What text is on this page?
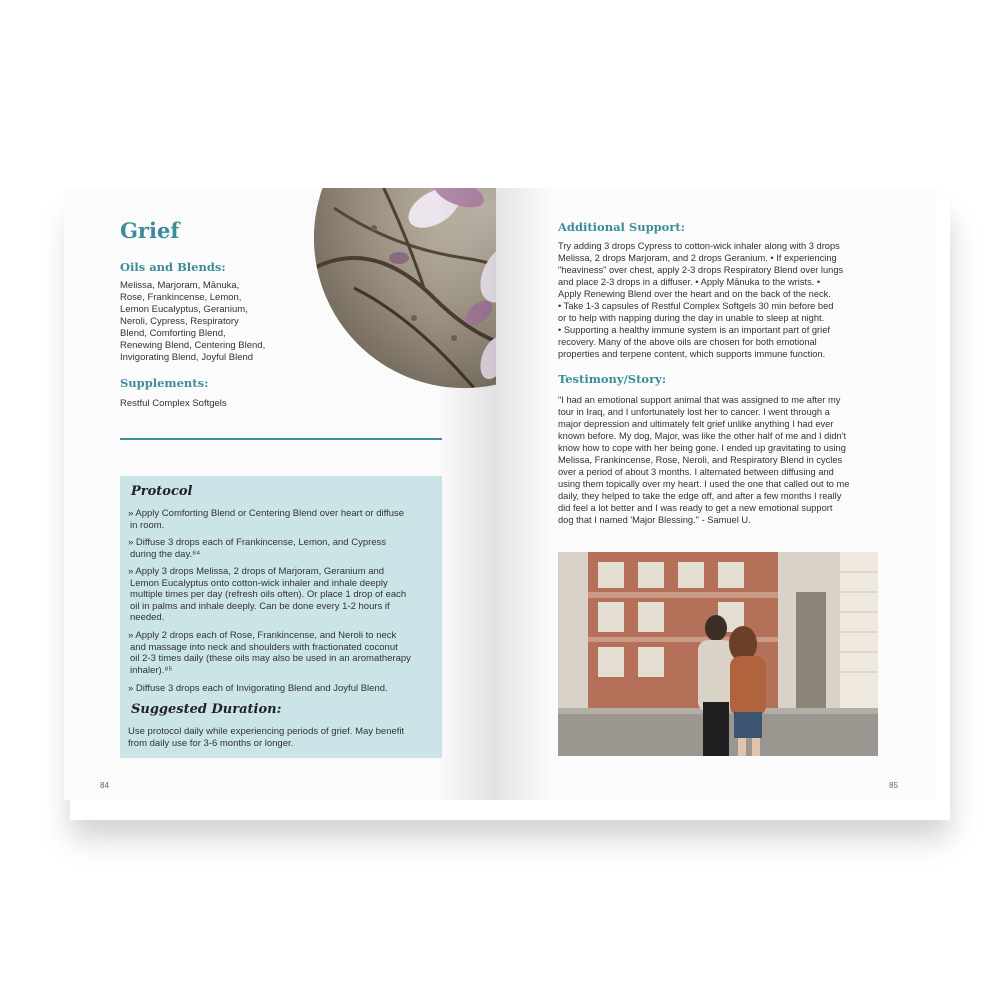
Grief
Oils and Blends:
Melissa, Marjoram, Mānuka,
Rose, Frankincense, Lemon,
Lemon Eucalyptus, Geranium,
Neroli, Cypress, Respiratory
Blend, Comforting Blend,
Renewing Blend, Centering Blend,
Invigorating Blend, Joyful Blend
Supplements:
Restful Complex Softgels
Protocol
» Apply Comforting Blend or Centering Blend over heart or diffuse
in room.
» Diffuse 3 drops each of Frankincense, Lemon, and Cypress
during the day.⁸⁴
» Apply 3 drops Melissa, 2 drops of Marjoram, Geranium and
Lemon Eucalyptus onto cotton-wick inhaler and inhale deeply
multiple times per day (refresh oils often). Or place 1 drop of each
oil in palms and inhale deeply. Can be done every 1-2 hours if
needed.
» Apply 2 drops each of Rose, Frankincense, and Neroli to neck
and massage into neck and shoulders with fractionated coconut
oil 2-3 times daily (these oils may also be used in an aromatherapy
inhaler).⁸⁵
» Diffuse 3 drops each of Invigorating Blend and Joyful Blend.
Suggested Duration:
Use protocol daily while experiencing periods of grief. May benefit
from daily use for 3-6 months or longer.
84
Additional Support:
Try adding 3 drops Cypress to cotton-wick inhaler along with 3 drops
Melissa, 2 drops Marjoram, and 2 drops Geranium. • If experiencing
"heaviness" over chest, apply 2-3 drops Respiratory Blend over lungs
and place 2-3 drops in a diffuser. • Apply Mānuka to the wrists. •
Apply Renewing Blend over the heart and on the back of the neck.
• Take 1-3 capsules of Restful Complex Softgels 30 min before bed
or to help with napping during the day in unable to sleep at night.
• Supporting a healthy immune system is an important part of grief
recovery. Many of the above oils are chosen for both emotional
properties and terpene content, which supports immune function.
Testimony/Story:
"I had an emotional support animal that was assigned to me after my
tour in Iraq, and I unfortunately lost her to cancer. I went through a
major depression and ultimately felt grief unlike anything I had ever
known before. My dog, Major, was like the other half of me and I didn't
know how to cope with her being gone. I ended up gravitating to using
Melissa, Frankincense, Rose, Neroli, and Respiratory Blend in cycles
over a period of about 3 months. I alternated between diffusing and
using them topically over my heart. I used the one that called out to me
daily, they helped to take the edge off, and after a few months I really
did feel a lot better and I was ready to get a new emotional support
dog that I named 'Major Blessing." - Samuel U.
85
